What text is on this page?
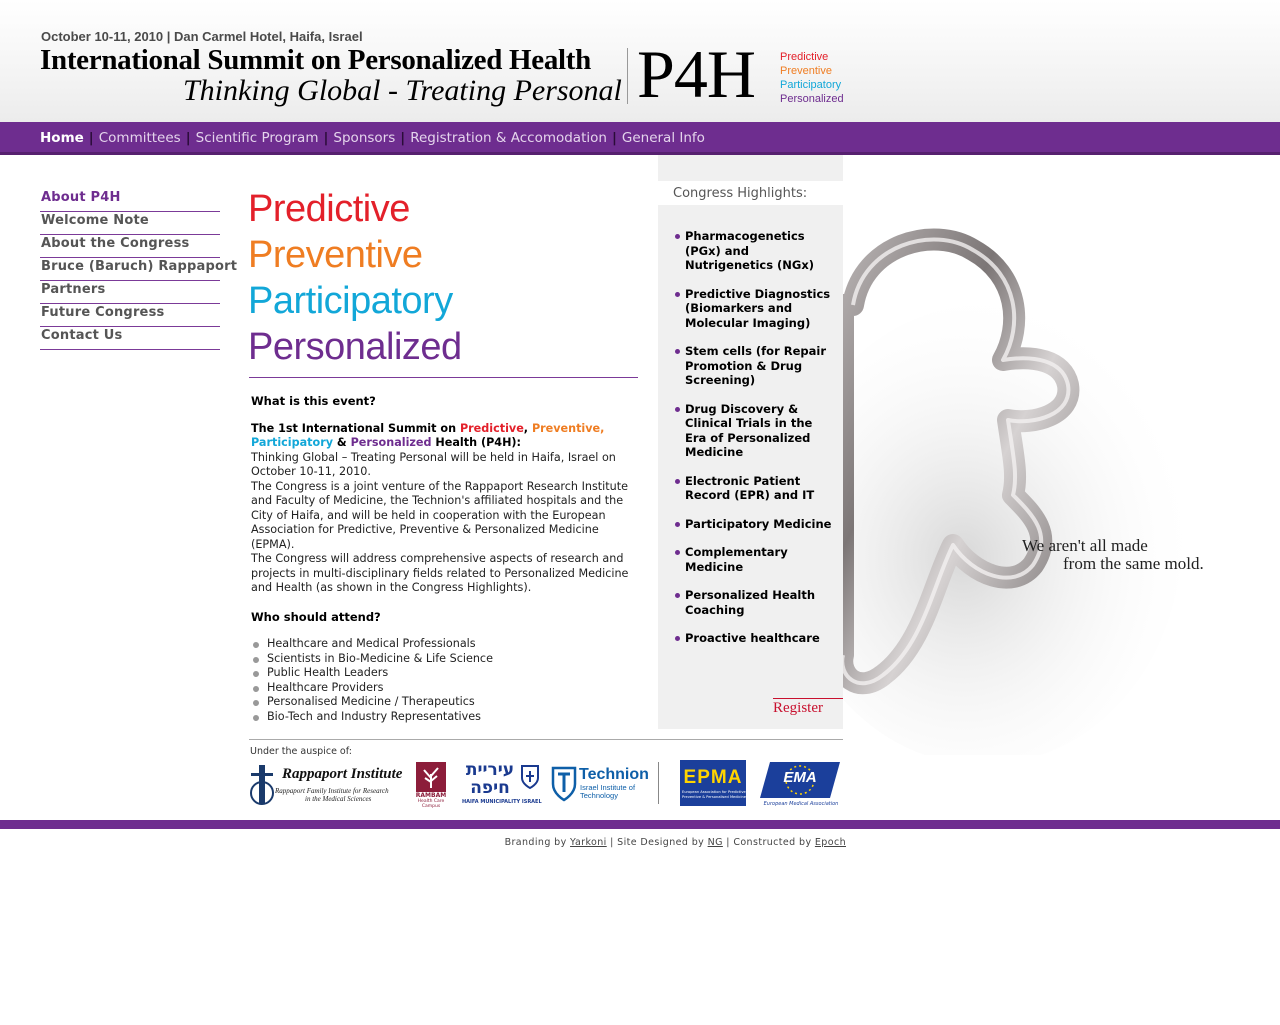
October 10-11, 2010 | Dan Carmel Hotel, Haifa, Israel
International Summit on Personalized Health
Thinking Global - Treating Personal P4H Predictive
Preventive
Participatory
Personalized
Home | Committees | Scientific Program | Sponsors | Registration & Accomodation | General Info
About P4H
Welcome Note
About the Congress
Bruce (Baruch) Rappaport
Partners
Future Congress
Contact Us
Predictive
Preventive
Participatory
Personalized
What is this event?

The 1st International Summit on Predictive, Preventive,
Participatory & Personalized Health (P4H):

Thinking Global – Treating Personal will be held in Haifa, Israel on October 10-11, 2010.

The Congress is a joint venture of the Rappaport Research Institute and Faculty of Medicine, the Technion's affiliated hospitals and the City of Haifa, and will be held in cooperation with the European Association for Predictive, Preventive & Personalized Medicine (EPMA).

The Congress will address comprehensive aspects of research and projects in multi-disciplinary fields related to Personalized Medicine and Health (as shown in the Congress Highlights).

Who should attend?
Healthcare and Medical Professionals
Scientists in Bio-Medicine & Life Science
Public Health Leaders
Healthcare Providers
Personalised Medicine / Therapeutics
Bio-Tech and Industry Representatives
Congress Highlights:
Pharmacogenetics (PGx) and Nutrigenetics (NGx)
Predictive Diagnostics (Biomarkers and Molecular Imaging)
Stem cells (for Repair Promotion & Drug Screening)
Drug Discovery & Clinical Trials in the Era of Personalized Medicine
Electronic Patient Record (EPR) and IT
Participatory Medicine
Complementary Medicine
Personalized Health Coaching
Proactive healthcare
Register
We aren't all made
from the same mold.
Under the auspice of:
Rappaport Institute
Rappaport Family Institute for Research
in the Medical Sciences	RAMBAM
Health Care
Campus
עיריית
חיפה
HAIFA MUNICIPALITY ISRAEL
Technion
Israel Institute of
Technology
EPMA
European Association for Predictive,
Preventive & Personalised Medicine
EMA
European Medical Association
Branding by Yarkoni | Site Designed by NG | Constructed by Epoch
